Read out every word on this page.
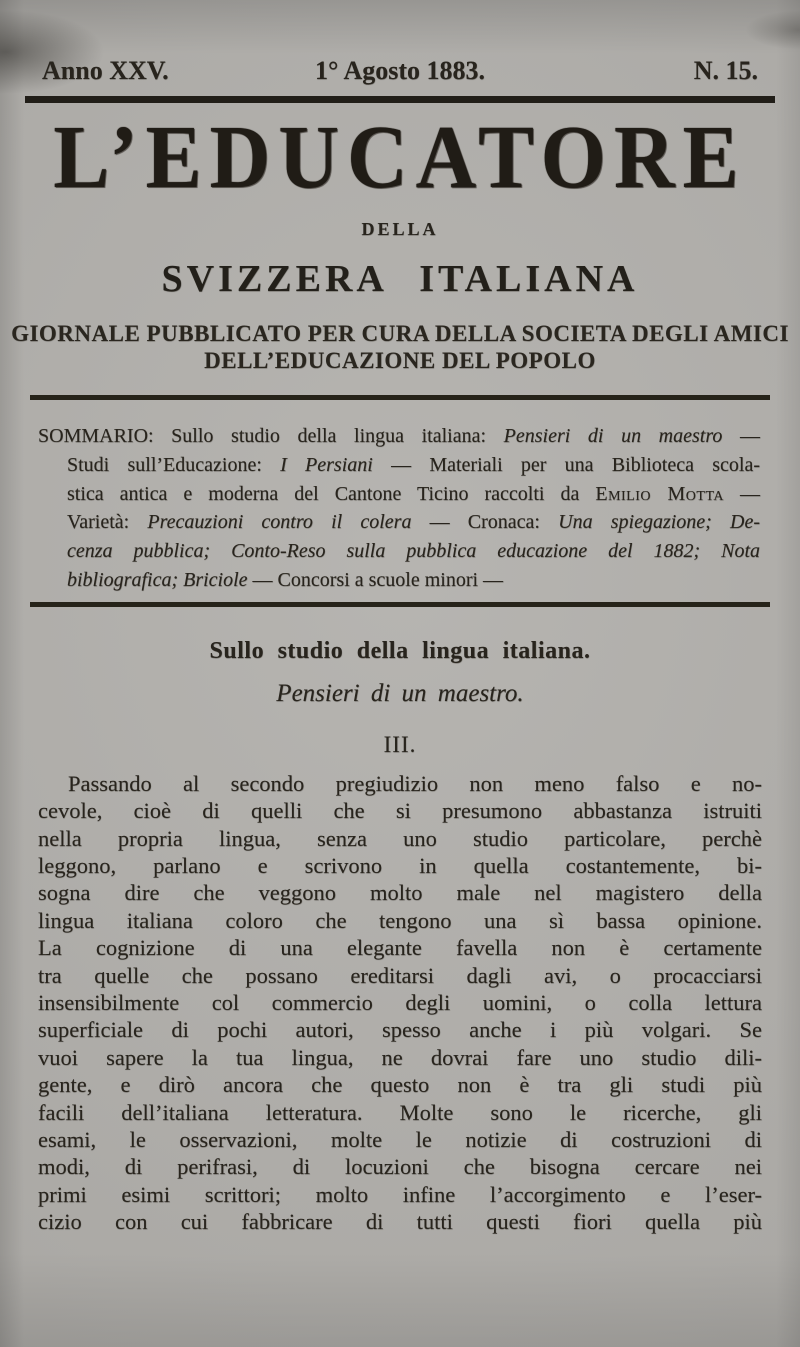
Anno XXV.	1° Agosto 1883.	N. 15.
L’EDUCATORE
DELLA
SVIZZERA ITALIANA
GIORNALE PUBBLICATO PER CURA DELLA SOCIETA DEGLI AMICI
DELL’EDUCAZIONE DEL POPOLO
SOMMARIO: Sullo studio della lingua italiana: Pensieri di un maestro —
Studi sull’Educazione: I Persiani — Materiali per una Biblioteca scola-
stica antica e moderna del Cantone Ticino raccolti da Emilio Motta —
Varietà: Precauzioni contro il colera — Cronaca: Una spiegazione; De-
cenza pubblica; Conto-Reso sulla pubblica educazione del 1882; Nota
bibliografica; Briciole — Concorsi a scuole minori —
Sullo studio della lingua italiana.
Pensieri di un maestro.
III.
Passando al secondo pregiudizio non meno falso e no-
cevole, cioè di quelli che si presumono abbastanza istruiti
nella propria lingua, senza uno studio particolare, perchè
leggono, parlano e scrivono in quella costantemente, bi-
sogna dire che veggono molto male nel magistero della
lingua italiana coloro che tengono una sì bassa opinione.
La cognizione di una elegante favella non è certamente
tra quelle che possano ereditarsi dagli avi, o procacciarsi
insensibilmente col commercio degli uomini, o colla lettura
superficiale di pochi autori, spesso anche i più volgari. Se
vuoi sapere la tua lingua, ne dovrai fare uno studio dili-
gente, e dirò ancora che questo non è tra gli studi più
facili dell’italiana letteratura. Molte sono le ricerche, gli
esami, le osservazioni, molte le notizie di costruzioni di
modi, di perifrasi, di locuzioni che bisogna cercare nei
primi esimi scrittori; molto infine l’accorgimento e l’eser-
cizio con cui fabbricare di tutti questi fiori quella più
